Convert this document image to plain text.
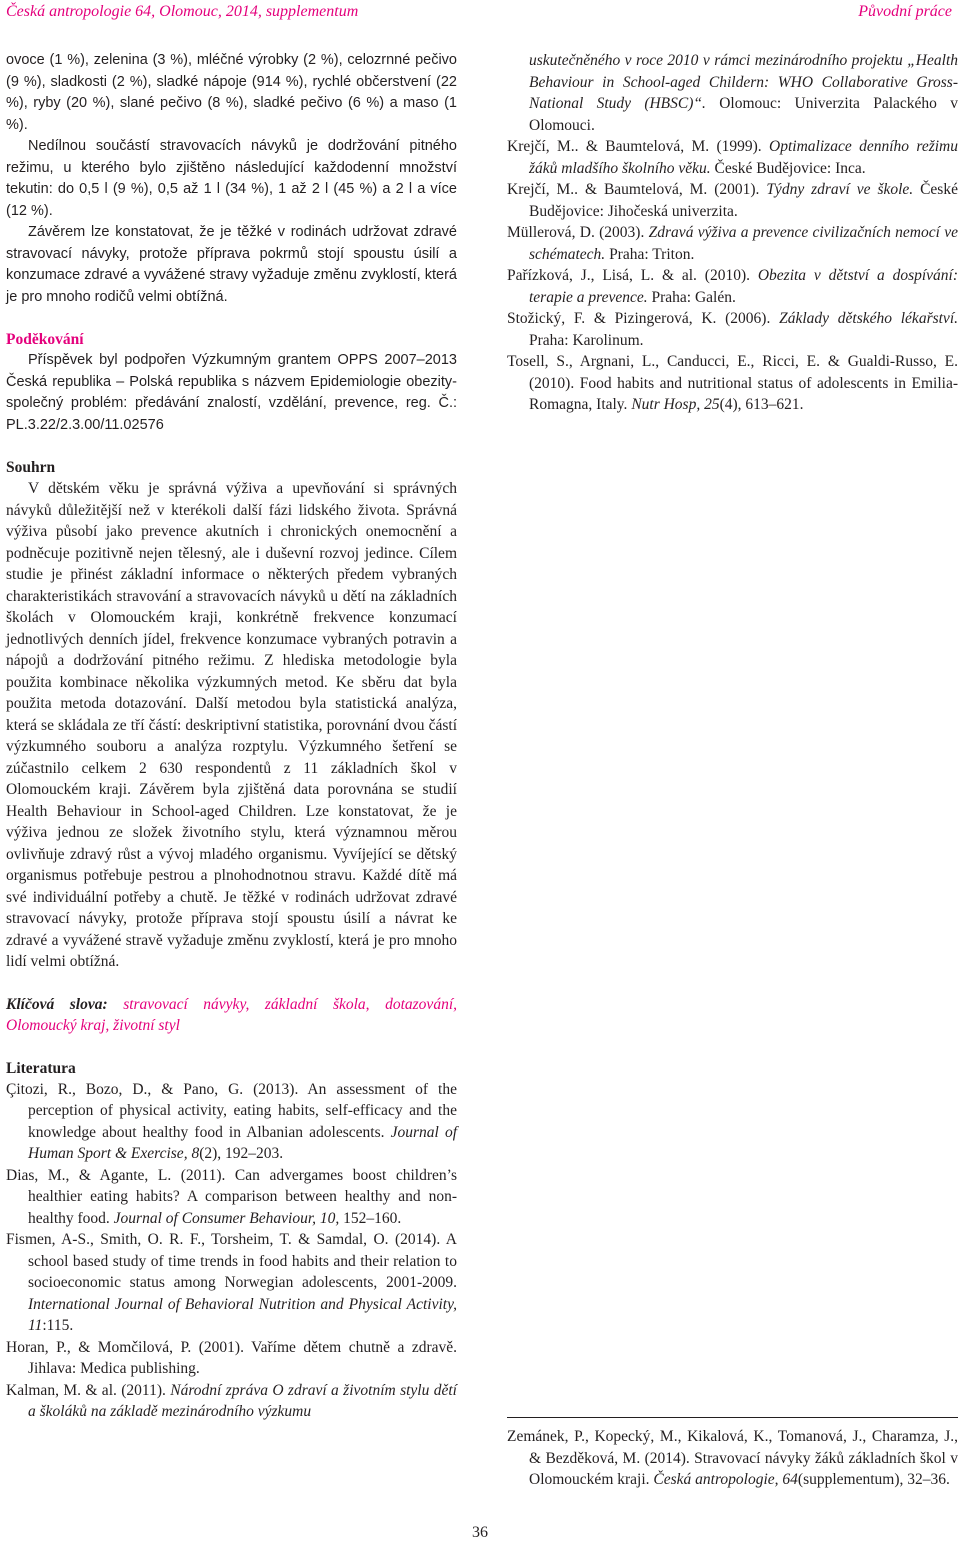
Česká antropologie 64, Olomouc, 2014, supplementum	Původní práce

ovoce (1 %), zelenina (3 %), mléčné výrobky (2 %), celozrnné pečivo (9 %), sladkosti (2 %), sladké nápoje (914 %), rychlé občerstvení (22 %), ryby (20 %), slané pečivo (8 %), sladké pečivo (6 %) a maso (1 %).

Nedílnou součástí stravovacích návyků je dodržování pitného režimu, u kterého bylo zjištěno následující každodenní množství tekutin: do 0,5 l (9 %), 0,5 až 1 l (34 %), 1 až 2 l (45 %) a 2 l a více (12 %).

Závěrem lze konstatovat, že je těžké v rodinách udržovat zdravé stravovací návyky, protože příprava pokrmů stojí spoustu úsilí a konzumace zdravé a vyvážené stravy vyžaduje změnu zvyklostí, která je pro mnoho rodičů velmi obtížná.

Poděkování

Příspěvek byl podpořen Výzkumným grantem OPPS 2007–2013 Česká republika – Polská republika s názvem Epidemiologie obezity-společný problém: předávání znalostí, vzdělání, prevence, reg. Č.: PL.3.22/2.3.00/11.02576

Souhrn

V dětském věku je správná výživa a upevňování si správných návyků důležitější než v kterékoli další fázi lidského života. Správná výživa působí jako prevence akutních i chronických onemocnění a podněcuje pozitivně nejen tělesný, ale i duševní rozvoj jedince. Cílem studie je přinést základní informace o některých předem vybraných charakteristikách stravování a stravovacích návyků u dětí na základních školách v Olomouckém kraji, konkrétně frekvence konzumací jednotlivých denních jídel, frekvence konzumace vybraných potravin a nápojů a dodržování pitného režimu. Z hlediska metodologie byla použita kombinace několika výzkumných metod. Ke sběru dat byla použita metoda dotazování. Další metodou byla statistická analýza, která se skládala ze tří částí: deskriptivní statistika, porovnání dvou částí výzkumného souboru a analýza rozptylu. Výzkumného šetření se zúčastnilo celkem 2 630 respondentů z 11 základních škol v Olomouckém kraji. Závěrem byla zjištěná data porovnána se studií Health Behaviour in School-aged Children. Lze konstatovat, že je výživa jednou ze složek životního stylu, která významnou měrou ovlivňuje zdravý růst a vývoj mladého organismu. Vyvíjející se dětský organismus potřebuje pestrou a plnohodnotnou stravu. Každé dítě má své individuální potřeby a chutě. Je těžké v rodinách udržovat zdravé stravovací návyky, protože příprava stojí spoustu úsilí a návrat ke zdravé a vyvážené stravě vyžaduje změnu zvyklostí, která je pro mnoho lidí velmi obtížná.

Klíčová slova: stravovací návyky, základní škola, dotazování, Olomoucký kraj, životní styl

Literatura

Çitozi, R., Bozo, D., & Pano, G. (2013). An assessment of the perception of physical activity, eating habits, self-efficacy and the knowledge about healthy food in Albanian adolescents. Journal of Human Sport & Exercise, 8(2), 192–203.

Dias, M., & Agante, L. (2011). Can advergames boost children’s healthier eating habits? A comparison between healthy and non-healthy food. Journal of Consumer Behaviour, 10, 152–160.

Fismen, A-S., Smith, O. R. F., Torsheim, T. & Samdal, O. (2014). A school based study of time trends in food habits and their relation to socioeconomic status among Norwegian adolescents, 2001-2009. International Journal of Behavioral Nutrition and Physical Activity, 11:115.

Horan, P., & Momčilová, P. (2001). Vaříme dětem chutně a zdravě. Jihlava: Medica publishing.

Kalman, M. & al. (2011). Národní zpráva O zdraví a životním stylu dětí a školáků na základě mezinárodního výzkumu

uskutečněného v roce 2010 v rámci mezinárodního projektu „Health Behaviour in School-aged Childern: WHO Collaborative Gross-National Study (HBSC)“. Olomouc: Univerzita Palackého v Olomouci.

Krejčí, M.. & Baumtelová, M. (1999). Optimalizace denního režimu žáků mladšího školního věku. České Budějovice: Inca.

Krejčí, M.. & Baumtelová, M. (2001). Týdny zdraví ve škole. České Budějovice: Jihočeská univerzita.

Müllerová, D. (2003). Zdravá výživa a prevence civilizačních nemocí ve schématech. Praha: Triton.

Pařízková, J., Lisá, L. & al. (2010). Obezita v dětství a dospívání: terapie a prevence. Praha: Galén.

Stožický, F. & Pizingerová, K. (2006). Základy dětského lékařství. Praha: Karolinum.

Tosell, S., Argnani, L., Canducci, E., Ricci, E. & Gualdi-Russo, E. (2010). Food habits and nutritional status of adolescents in Emilia-Romagna, Italy. Nutr Hosp, 25(4), 613–621.

Zemánek, P., Kopecký, M., Kikalová, K., Tomanová, J., Charamza, J., & Bezděková, M. (2014). Stravovací návyky žáků základních škol v Olomouckém kraji. Česká antropologie, 64(supplementum), 32–36.

36
